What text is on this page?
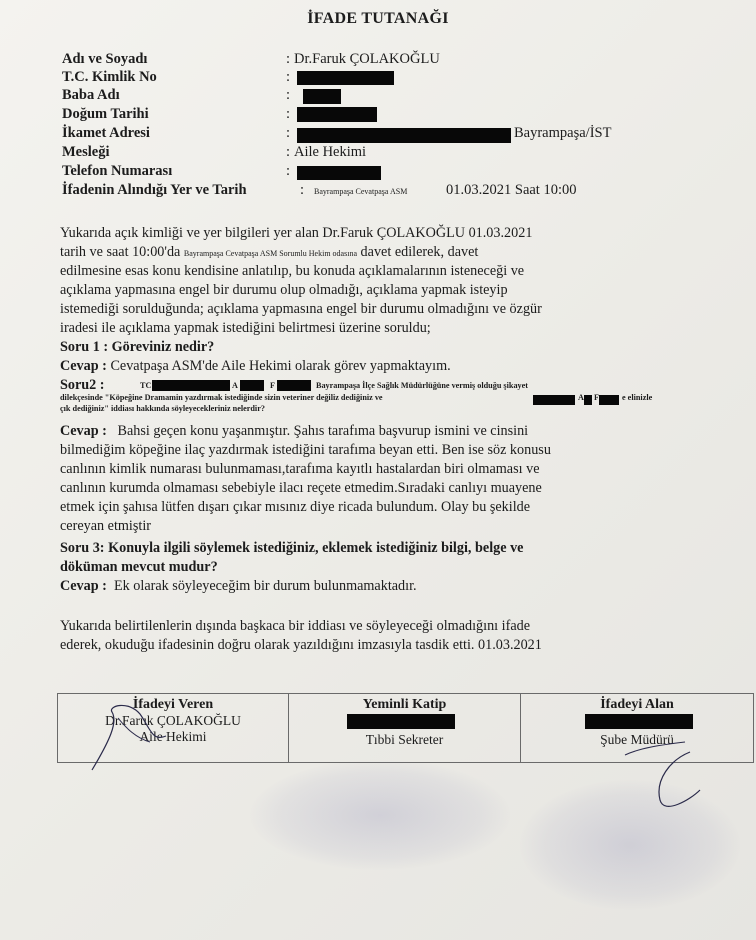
İFADE TUTANAĞI
Adı ve Soyadı	: Dr.Faruk ÇOLAKOĞLU
T.C. Kimlik No	:
Baba Adı	:
Doğum Tarihi	:
İkamet Adresi	:	Bayrampaşa/İST
Mesleği	: Aile Hekimi
Telefon Numarası	:
İfadenin Alındığı Yer ve Tarih	: Bayrampaşa Cevatpaşa ASM	01.03.2021 Saat 10:00
Yukarıda açık kimliği ve yer bilgileri yer alan Dr.Faruk ÇOLAKOĞLU 01.03.2021
tarih ve saat 10:00'da Bayrampaşa Cevatpaşa ASM Sorumlu Hekim odasına davet edilerek, davet
edilmesine esas konu kendisine anlatılıp, bu konuda açıklamalarının isteneceği ve
açıklama yapmasına engel bir durumu olup olmadığı, açıklama yapmak isteyip
istemediği sorulduğunda; açıklama yapmasına engel bir durumu olmadığını ve özgür
iradesi ile açıklama yapmak istediğini belirtmesi üzerine soruldu;
Soru 1 : Göreviniz nedir?
Cevap : Cevatpaşa ASM'de Aile Hekimi olarak görev yapmaktayım.
Soru2 :	TC	A	F	Bayrampaşa İlçe Sağlık Müdürlüğüne vermiş olduğu şikayet
dilekçesinde "Köpeğine Dramamin yazdırmak istediğinde sizin veteriner değiliz dediğiniz ve	A F	e elinizle
çık dediğiniz" iddiası hakkında söyleyecekleriniz nelerdir?
Cevap : Bahsi geçen konu yaşanmıştır. Şahıs tarafıma başvurup ismini ve cinsini
bilmediğim köpeğine ilaç yazdırmak istediğini tarafıma beyan etti. Ben ise söz konusu
canlının kimlik numarası bulunmaması,tarafıma kayıtlı hastalardan biri olmaması ve
canlının kurumda olmaması sebebiyle ilacı reçete etmedim.Sıradaki canlıyı muayene
etmek için şahısa lütfen dışarı çıkar mısınız diye ricada bulundum. Olay bu şekilde
cereyan etmiştir
Soru 3: Konuyla ilgili söylemek istediğiniz, eklemek istediğiniz bilgi, belge ve
döküman mevcut mudur?
Cevap : Ek olarak söyleyeceğim bir durum bulunmamaktadır.
Yukarıda belirtilenlerin dışında başkaca bir iddiası ve söyleyeceği olmadığını ifade
ederek, okuduğu ifadesinin doğru olarak yazıldığını imzasıyla tasdik etti. 01.03.2021
İfadeyi Veren
Dr.Faruk ÇOLAKOĞLU
Aile Hekimi
Yeminli Katip
Tıbbi Sekreter
İfadeyi Alan
Şube Müdürü
